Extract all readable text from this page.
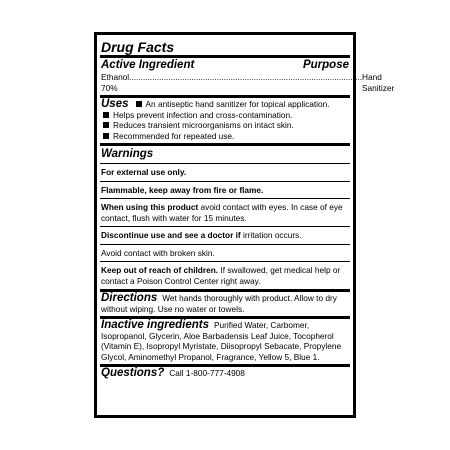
Drug Facts
Active Ingredient	Purpose
Ethanol 70%
..................................................................................................... Hand Sanitizer
Uses An antiseptic hand sanitizer for topical application.
Helps prevent infection and cross-contamination.
Reduces transient microorganisms on intact skin.
Recommended for repeated use.
Warnings
For external use only.
Flammable, keep away from fire or flame.
When using this product avoid contact with eyes. In case of eye contact, flush with water for 15 minutes.
Discontinue use and see a doctor if irritation occurs.
Avoid contact with broken skin.
Keep out of reach of children. If swallowed, get medical help or contact a Poison Control Center right away.
Directions Wet hands thoroughly with product. Allow to dry without wiping. Use no water or towels.
Inactive ingredients Purified Water, Carbomer, Isopropanol, Glycerin, Aloe Barbadensis Leaf Juice, Tocopherol (Vitamin E), Isopropyl Myristate, Diisopropyl Sebacate, Propylene Glycol, Aminomethyl Propanol, Fragrance, Yellow 5, Blue 1.
Questions? Call 1-800-777-4908
